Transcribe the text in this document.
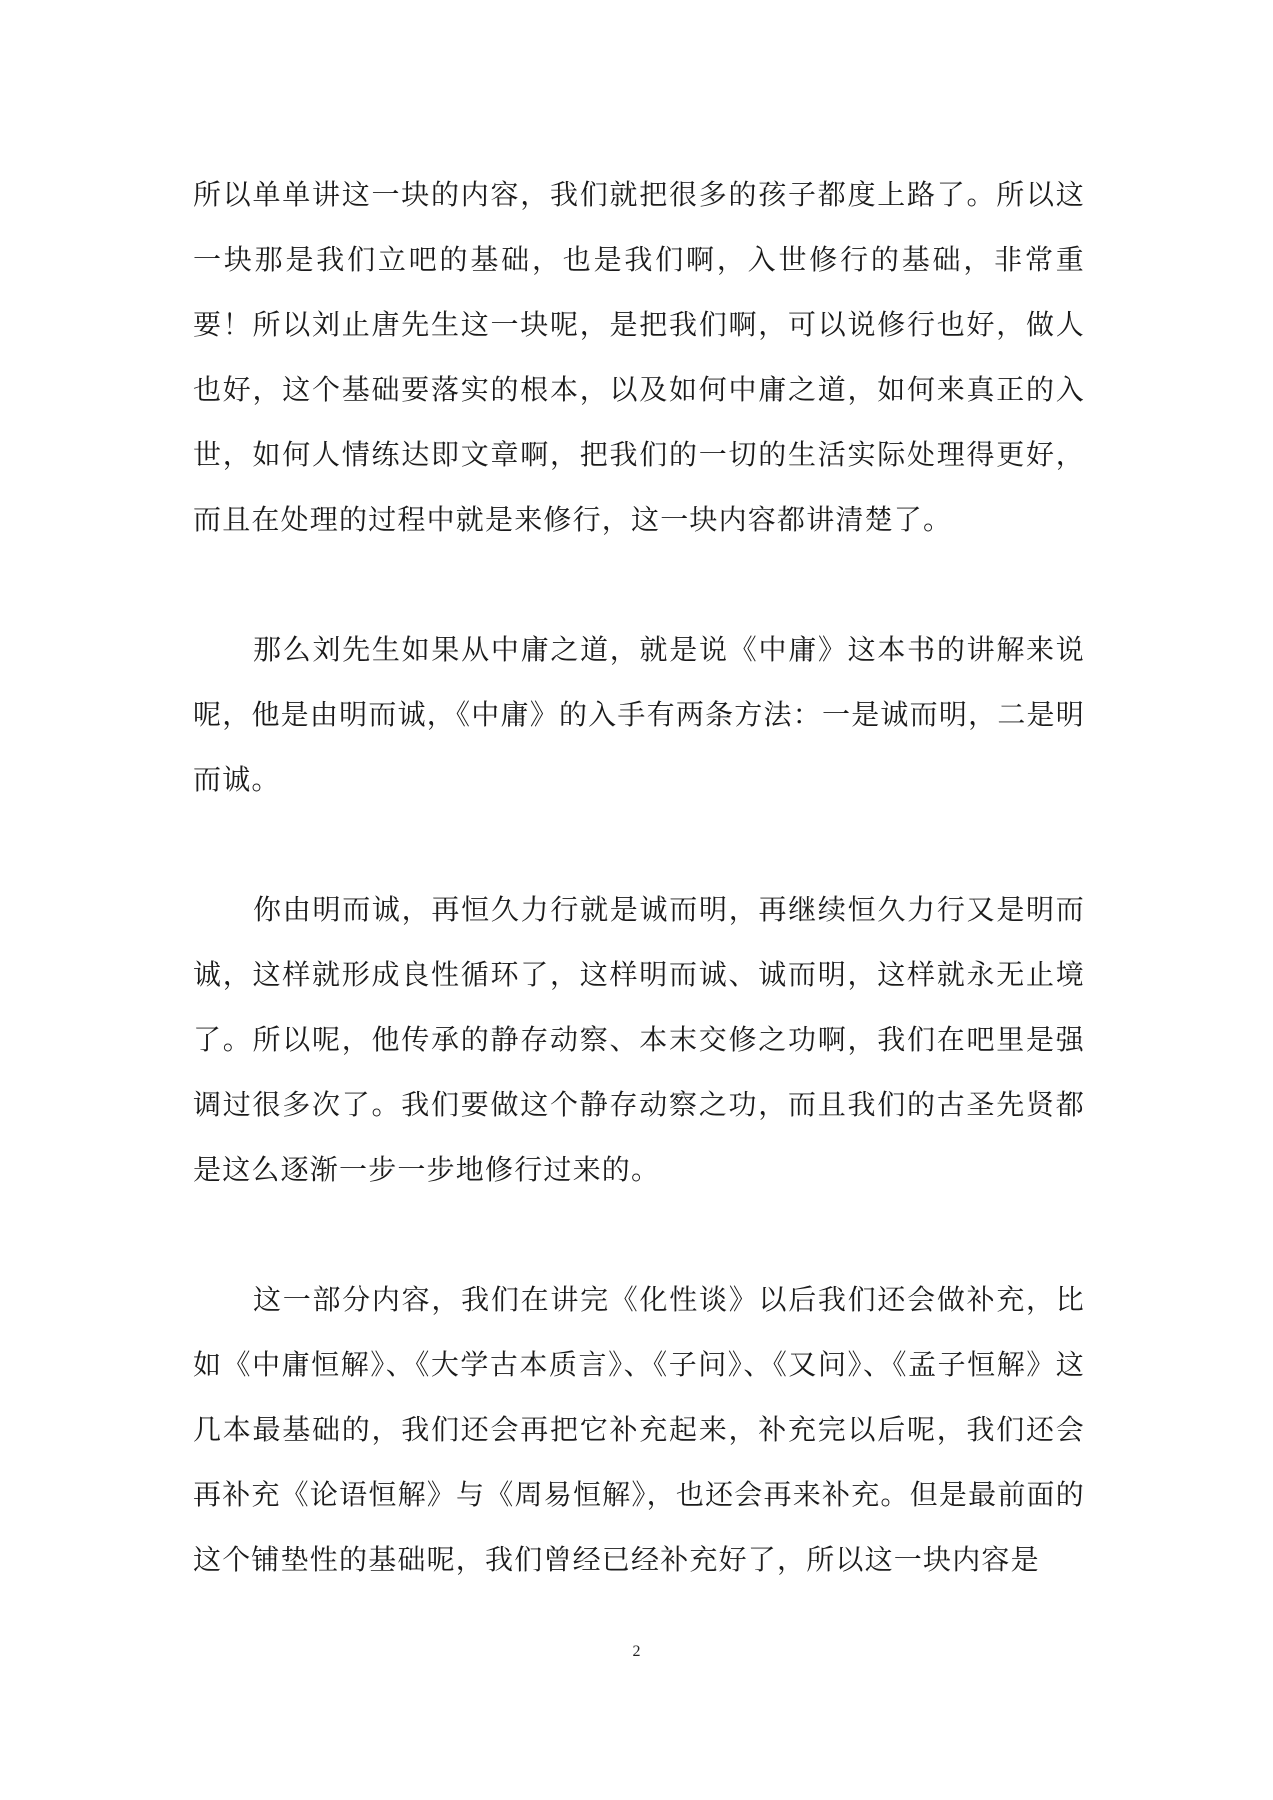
所以单单讲这一块的内容，我们就把很多的孩子都度上路了。所以这一块那是我们立吧的基础，也是我们啊，入世修行的基础，非常重要！所以刘止唐先生这一块呢，是把我们啊，可以说修行也好，做人也好，这个基础要落实的根本，以及如何中庸之道，如何来真正的入世，如何人情练达即文章啊，把我们的一切的生活实际处理得更好，而且在处理的过程中就是来修行，这一块内容都讲清楚了。

那么刘先生如果从中庸之道，就是说《中庸》这本书的讲解来说呢，他是由明而诚，《中庸》的入手有两条方法：一是诚而明，二是明而诚。

你由明而诚，再恒久力行就是诚而明，再继续恒久力行又是明而诚，这样就形成良性循环了，这样明而诚、诚而明，这样就永无止境了。所以呢，他传承的静存动察、本末交修之功啊，我们在吧里是强调过很多次了。我们要做这个静存动察之功，而且我们的古圣先贤都是这么逐渐一步一步地修行过来的。

这一部分内容，我们在讲完《化性谈》以后我们还会做补充，比如《中庸恒解》、《大学古本质言》、《子问》、《又问》、《孟子恒解》这几本最基础的，我们还会再把它补充起来，补充完以后呢，我们还会再补充《论语恒解》与《周易恒解》，也还会再来补充。但是最前面的这个铺垫性的基础呢，我们曾经已经补充好了，所以这一块内容是

2
